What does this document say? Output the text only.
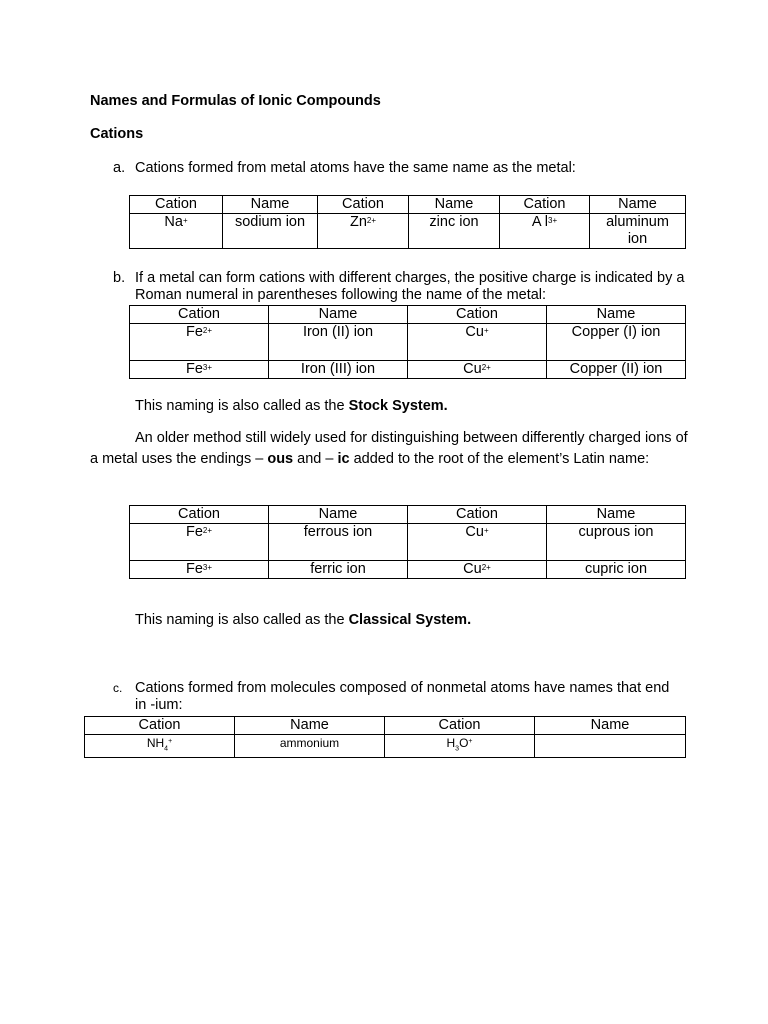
Names and Formulas of Ionic Compounds
Cations
a. Cations formed from metal atoms have the same name as the metal:
Cation	Name	Cation	Name	Cation	Name
Na+	sodium ion	$Zn^{2+}$	zinc ion	A $l^{3+}$	aluminum ion
b. If a metal can form cations with different charges, the positive charge is indicated by a Roman numeral in parentheses following the name of the metal:
Cation	Name	Cation	Name
$Fe^{2+}$	Iron (II) ion	Cu+	Copper (I) ion
$Fe^{3+}$	Iron (III) ion	$Cu^{2+}$	Copper (II) ion
This naming is also called as the Stock System.
An older method still widely used for distinguishing between differently charged ions of a metal uses the endings – ous and – ic added to the root of the element’s Latin name:
Cation	Name	Cation	Name
$Fe^{2+}$	ferrous ion	Cu+	cuprous ion
$Fe^{3+}$	ferric ion	$Cu^{2+}$	cupric ion
This naming is also called as the Classical System.
c. Cations formed from molecules composed of nonmetal atoms have names that end in -ium:
Cation	Name	Cation	Name
$NH_4^+$	ammonium	$H_3O^+$	
